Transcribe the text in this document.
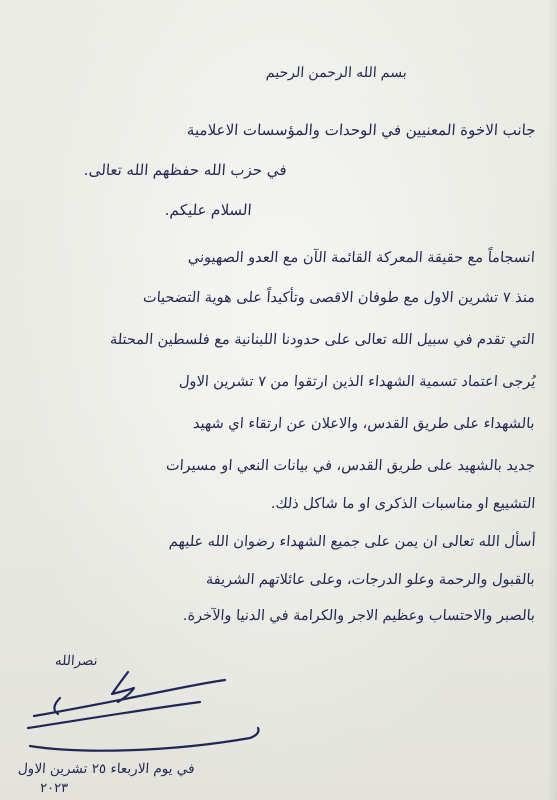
بسم الله الرحمن الرحيم
جانب الاخوة المعنيين في الوحدات والمؤسسات الاعلامية
في حزب الله حفظهم الله تعالى.
السلام عليكم.
انسجاماً مع حقيقة المعركة القائمة الآن مع العدو الصهيوني
منذ ٧ تشرين الاول مع طوفان الاقصى وتأكيداً على هوية التضحيات
التي تقدم في سبيل الله تعالى على حدودنا اللبنانية مع فلسطين المحتلة
يُرجى اعتماد تسمية الشهداء الذين ارتقوا من ٧ تشرين الاول
بالشهداء على طريق القدس، والاعلان عن ارتقاء اي شهيد
جديد بالشهيد على طريق القدس، في بيانات النعي او مسيرات
التشييع او مناسبات الذكرى او ما شاكل ذلك.
أسأل الله تعالى ان يمن على جميع الشهداء رضوان الله عليهم
بالقبول والرحمة وعلو الدرجات، وعلى عائلاتهم الشريفة
بالصبر والاحتساب وعظيم الاجر والكرامة في الدنيا والآخرة.
نصرالله
في يوم الاربعاء ٢٥ تشرين الاول
٢٠٢٣
